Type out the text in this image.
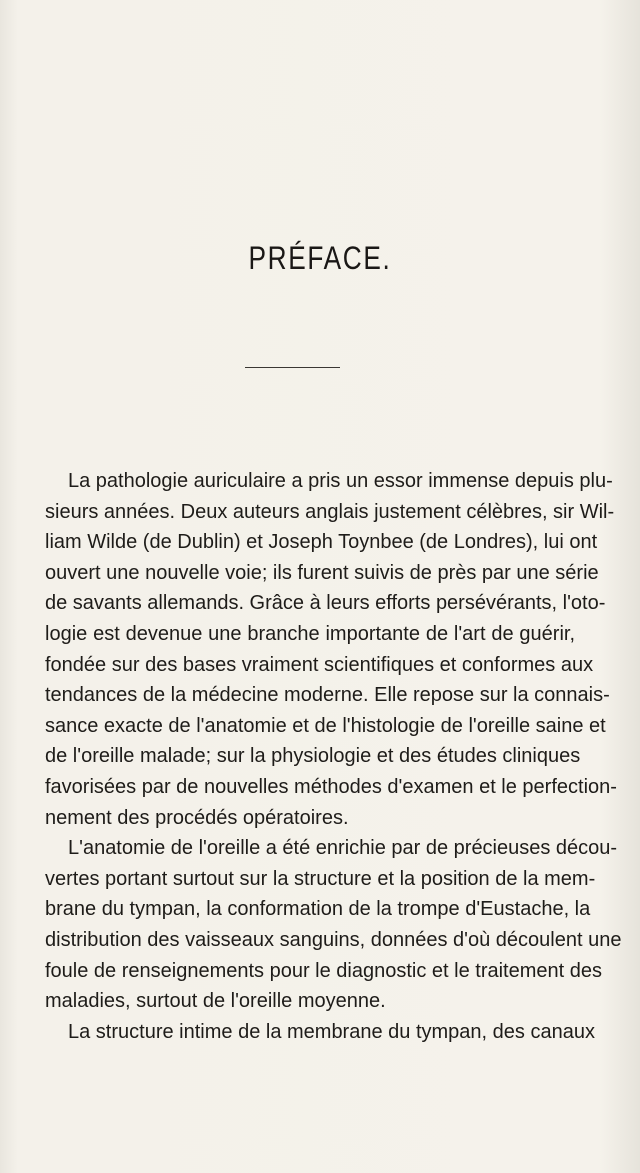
PRÉFACE.
La pathologie auriculaire a pris un essor immense depuis plu-
sieurs années. Deux auteurs anglais justement célèbres, sir Wil-
liam Wilde (de Dublin) et Joseph Toynbee (de Londres), lui ont
ouvert une nouvelle voie; ils furent suivis de près par une série
de savants allemands. Grâce à leurs efforts persévérants, l'oto-
logie est devenue une branche importante de l'art de guérir,
fondée sur des bases vraiment scientifiques et conformes aux
tendances de la médecine moderne. Elle repose sur la connais-
sance exacte de l'anatomie et de l'histologie de l'oreille saine et
de l'oreille malade; sur la physiologie et des études cliniques
favorisées par de nouvelles méthodes d'examen et le perfection-
nement des procédés opératoires.
L'anatomie de l'oreille a été enrichie par de précieuses décou-
vertes portant surtout sur la structure et la position de la mem-
brane du tympan, la conformation de la trompe d'Eustache, la
distribution des vaisseaux sanguins, données d'où découlent une
foule de renseignements pour le diagnostic et le traitement des
maladies, surtout de l'oreille moyenne.
La structure intime de la membrane du tympan, des canaux
